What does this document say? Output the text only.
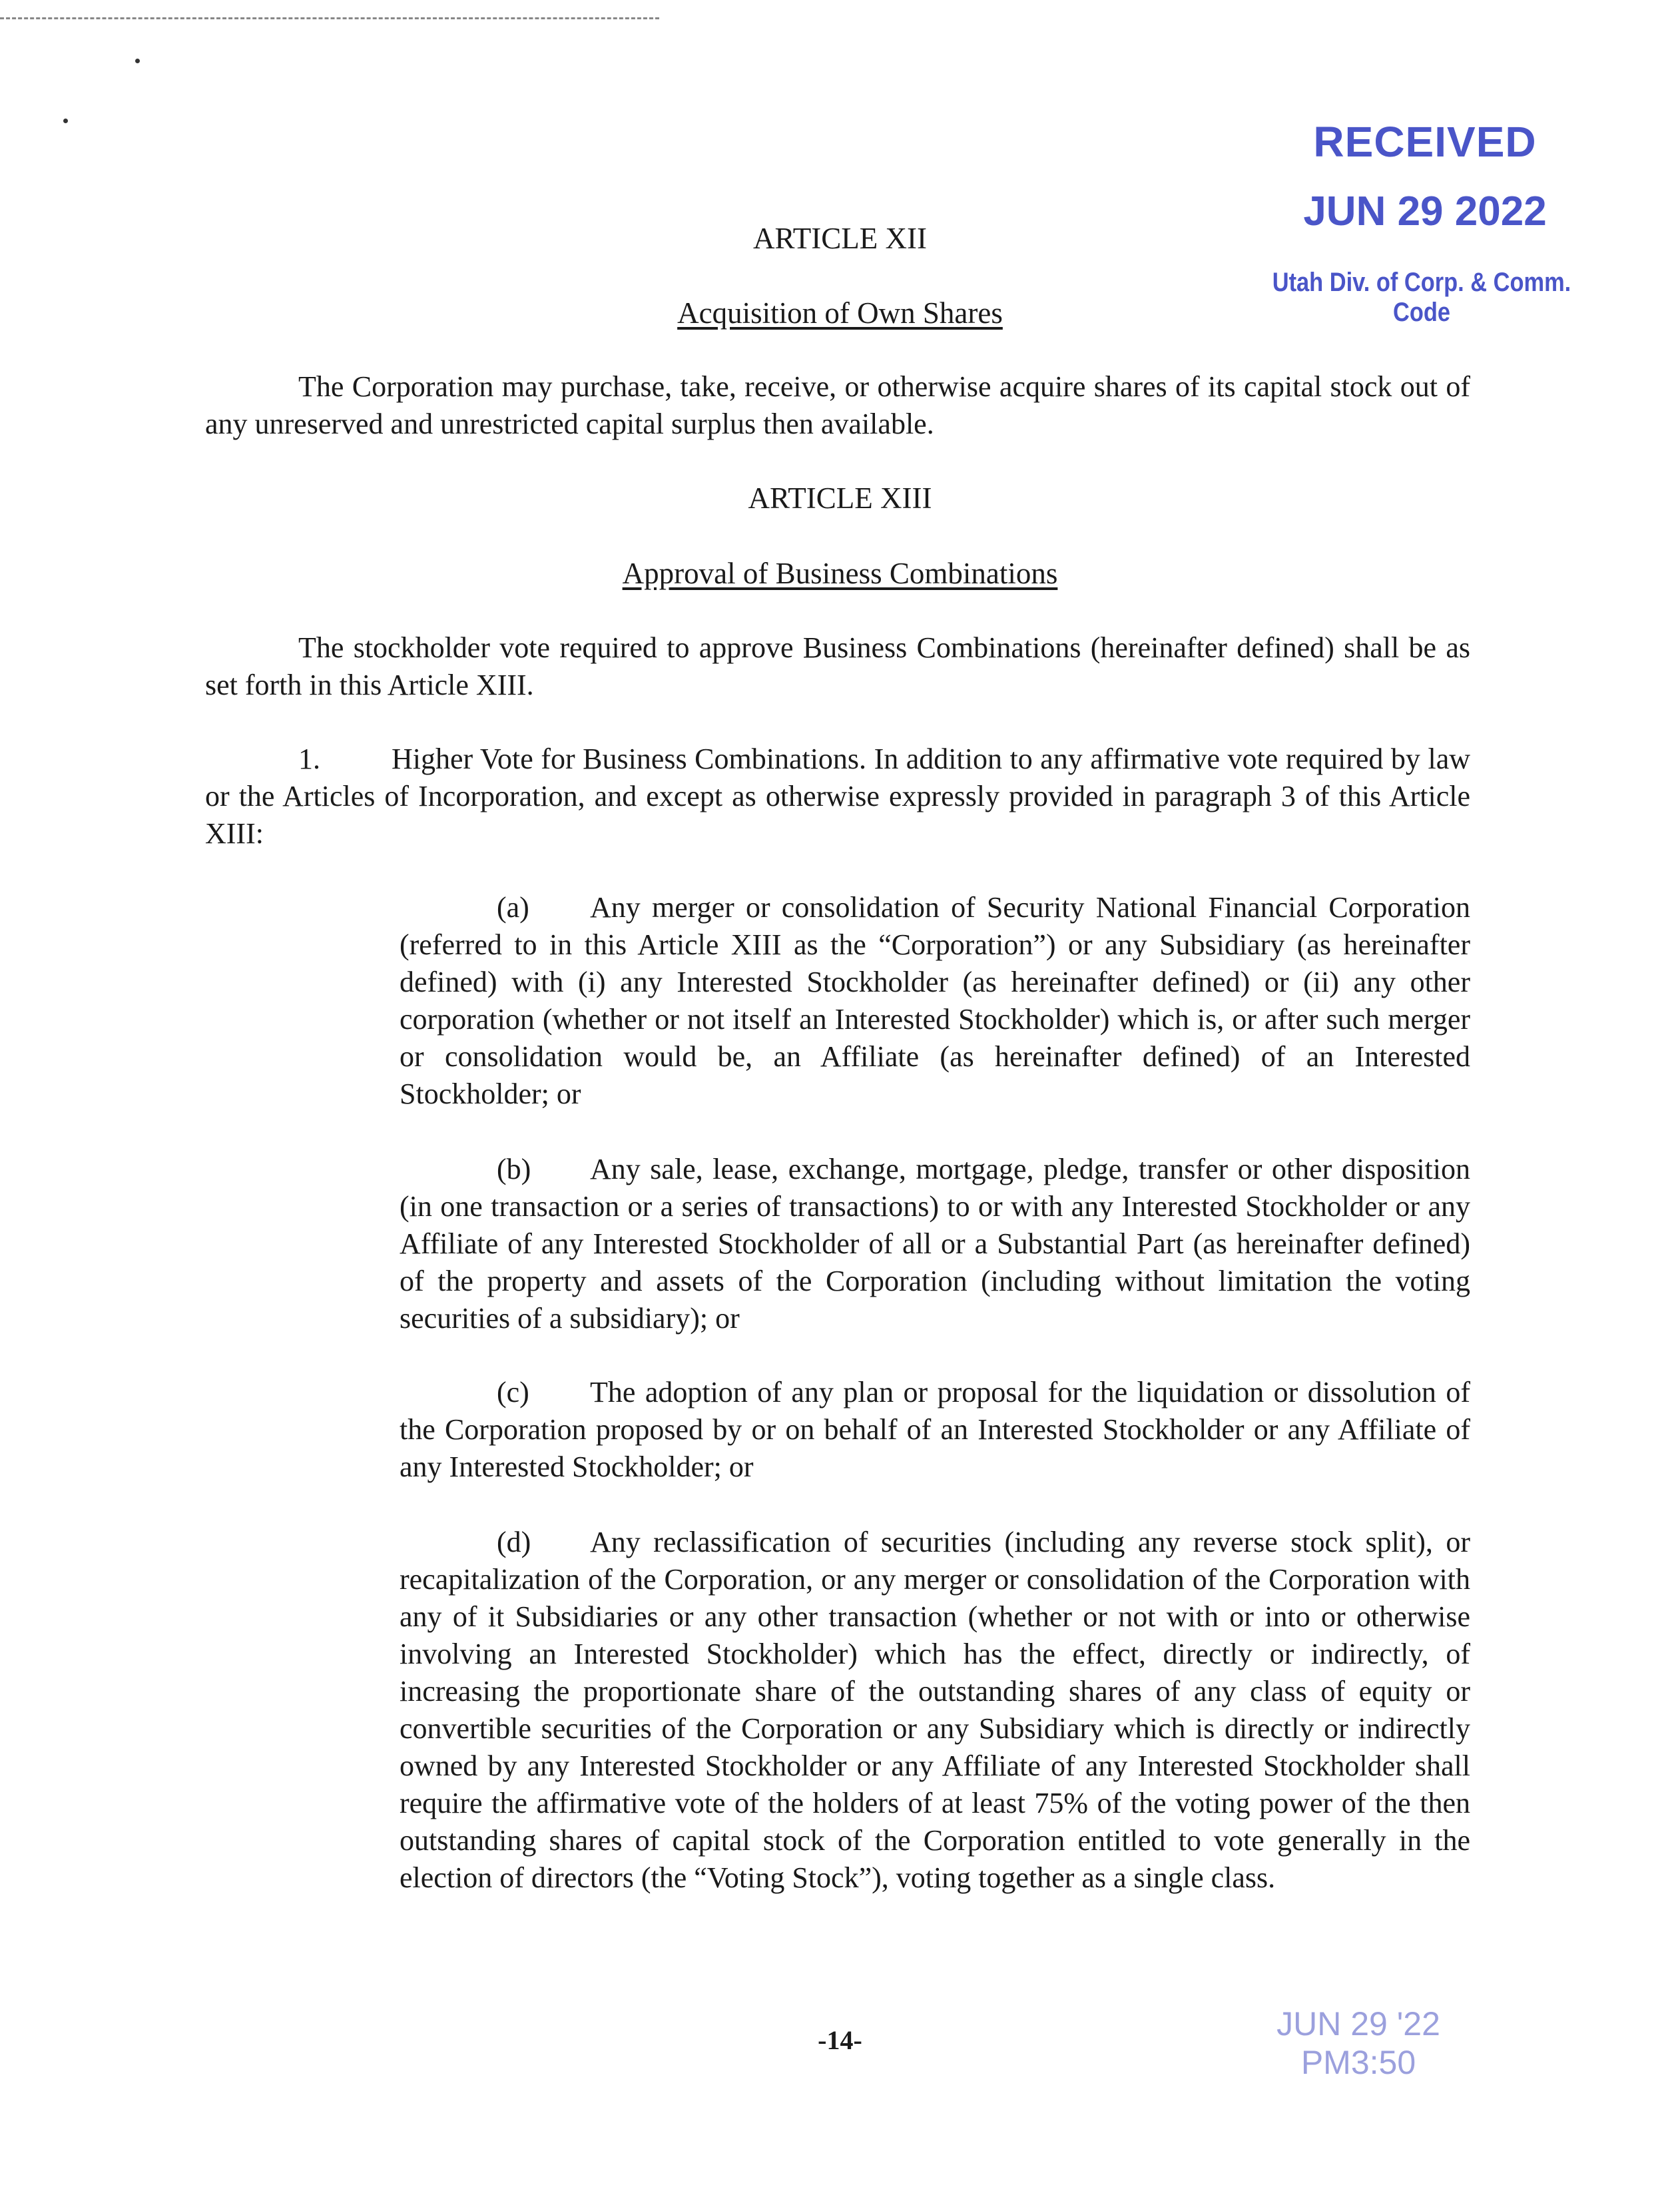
RECEIVED
JUN 29 2022
Utah Div. of Corp. & Comm. Code
ARTICLE XII
Acquisition of Own Shares
The Corporation may purchase, take, receive, or otherwise acquire shares of its capital stock out of any unreserved and unrestricted capital surplus then available.
ARTICLE XIII
Approval of Business Combinations
The stockholder vote required to approve Business Combinations (hereinafter defined) shall be as set forth in this Article XIII.
1. Higher Vote for Business Combinations. In addition to any affirmative vote required by law or the Articles of Incorporation, and except as otherwise expressly provided in paragraph 3 of this Article XIII:
(a) Any merger or consolidation of Security National Financial Corporation (referred to in this Article XIII as the “Corporation”) or any Subsidiary (as hereinafter defined) with (i) any Interested Stockholder (as hereinafter defined) or (ii) any other corporation (whether or not itself an Interested Stockholder) which is, or after such merger or consolidation would be, an Affiliate (as hereinafter defined) of an Interested Stockholder; or
(b) Any sale, lease, exchange, mortgage, pledge, transfer or other disposition (in one transaction or a series of transactions) to or with any Interested Stockholder or any Affiliate of any Interested Stockholder of all or a Substantial Part (as hereinafter defined) of the property and assets of the Corporation (including without limitation the voting securities of a subsidiary); or
(c) The adoption of any plan or proposal for the liquidation or dissolution of the Corporation proposed by or on behalf of an Interested Stockholder or any Affiliate of any Interested Stockholder; or
(d) Any reclassification of securities (including any reverse stock split), or recapitalization of the Corporation, or any merger or consolidation of the Corporation with any of it Subsidiaries or any other transaction (whether or not with or into or otherwise involving an Interested Stockholder) which has the effect, directly or indirectly, of increasing the proportionate share of the outstanding shares of any class of equity or convertible securities of the Corporation or any Subsidiary which is directly or indirectly owned by any Interested Stockholder or any Affiliate of any Interested Stockholder shall require the affirmative vote of the holders of at least 75% of the voting power of the then outstanding shares of capital stock of the Corporation entitled to vote generally in the election of directors (the “Voting Stock”), voting together as a single class.
-14-	JUN 29 '22 PM3:50
